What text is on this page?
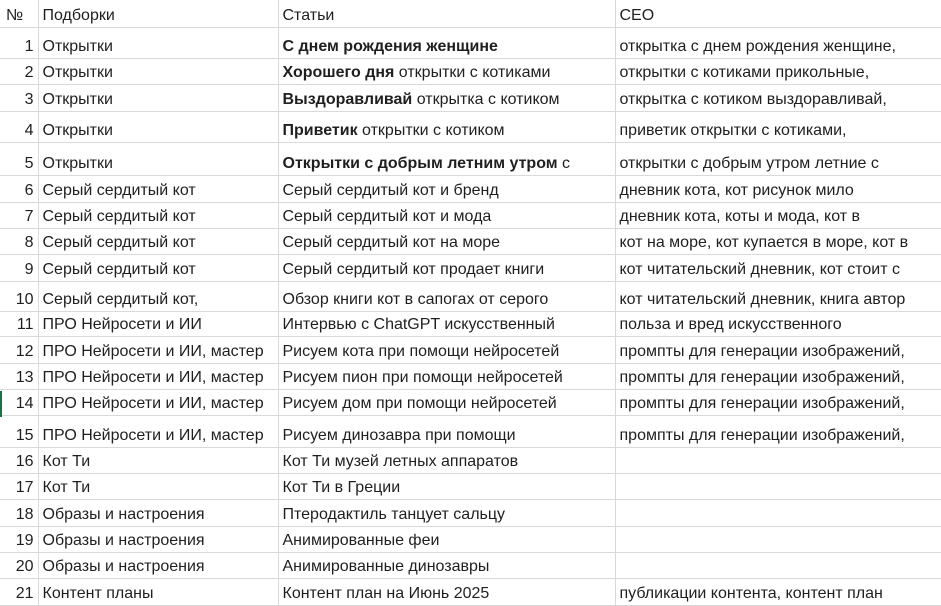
№	Подборки	Статьи	СЕО
1	Открытки	С днем рождения женщине	открытка с днем рождения женщине,
2	Открытки	Хорошего дня открытки с котиками	открытки с котиками прикольные,
3	Открытки	Выздоравливай открытка с котиком	открытка с котиком выздоравливай,
4	Открытки	Приветик открытки с котиком	приветик открытки с котиками,
5	Открытки	Открытки с добрым летним утром с	открытки с добрым утром летние с
6	Серый сердитый кот	Серый сердитый кот и бренд	дневник кота, кот рисунок мило
7	Серый сердитый кот	Серый сердитый кот и мода	дневник кота, коты и мода, кот в
8	Серый сердитый кот	Серый сердитый кот на море	кот на море, кот купается в море, кот в
9	Серый сердитый кот	Серый сердитый кот продает книги	кот читательский дневник, кот стоит с
10	Серый сердитый кот,	Обзор книги кот в сапогах от серого	кот читательский дневник, книга автор
11	ПРО Нейросети и ИИ	Интервью с ChatGPT искусственный	польза и вред искусственного
12	ПРО Нейросети и ИИ, мастер	Рисуем кота при помощи нейросетей	промпты для генерации изображений,
13	ПРО Нейросети и ИИ, мастер	Рисуем пион при помощи нейросетей	промпты для генерации изображений,
14	ПРО Нейросети и ИИ, мастер	Рисуем дом при помощи нейросетей	промпты для генерации изображений,
15	ПРО Нейросети и ИИ, мастер	Рисуем динозавра при помощи	промпты для генерации изображений,
16	Кот Ти	Кот Ти музей летных аппаратов	
17	Кот Ти	Кот Ти в Греции	
18	Образы и настроения	Птеродактиль танцует сальцу	
19	Образы и настроения	Анимированные феи	
20	Образы и настроения	Анимированные динозавры	
21	Контент планы	Контент план на Июнь 2025	публикации контента, контент план
